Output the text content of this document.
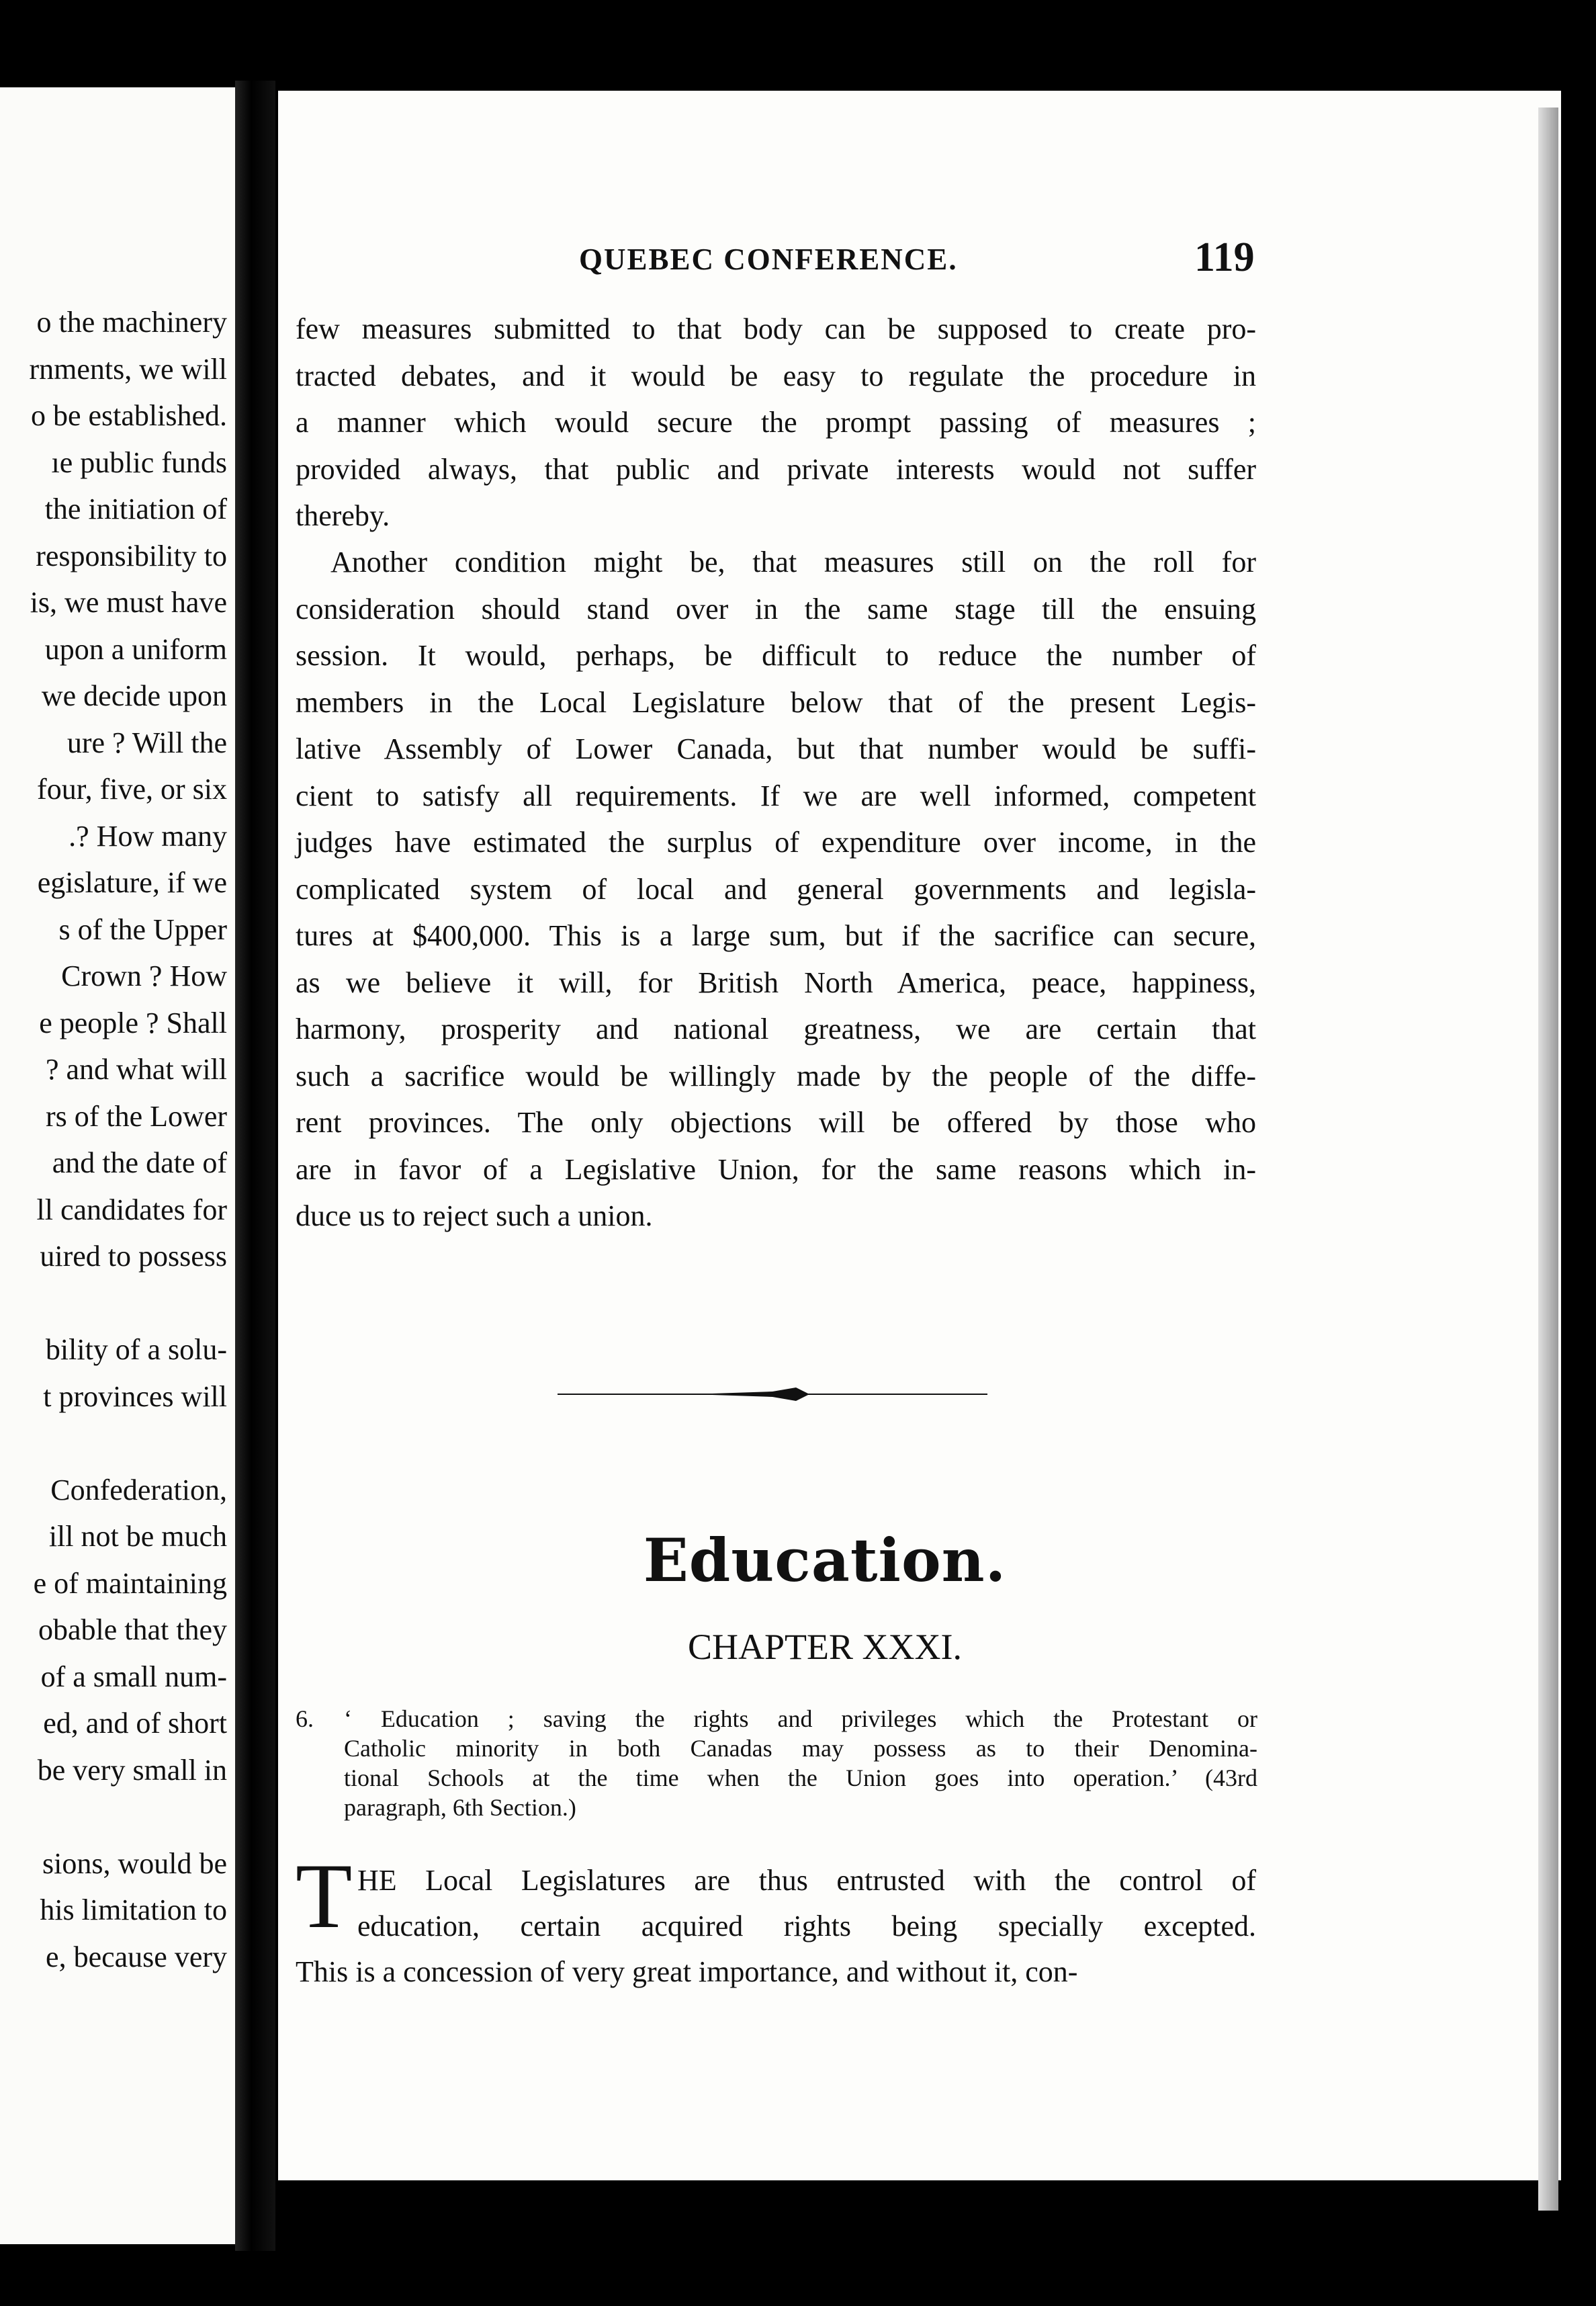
o the machinery
rnments, we will
o be established.
ıe public funds
the initiation of
responsibility to
is, we must have
upon a uniform
we decide upon
ure ? Will the
four, five, or six
.? How many
egislature, if we
s of the Upper
Crown ? How
e people ? Shall
? and what will
rs of the Lower
and the date of
ll candidates for
uired to possess
bility of a solu-
t provinces will
Confederation,
ill not be much
e of maintaining
obable that they
of a small num-
ed, and of short
be very small in
sions, would be
his limitation to
e, because very
QUEBEC CONFERENCE.	119
few measures submitted to that body can be supposed to create pro-
tracted debates, and it would be easy to regulate the procedure in
a manner which would secure the prompt passing of measures ;
provided always, that public and private interests would not suffer
thereby.
Another condition might be, that measures still on the roll for
consideration should stand over in the same stage till the ensuing
session. It would, perhaps, be difficult to reduce the number of
members in the Local Legislature below that of the present Legis-
lative Assembly of Lower Canada, but that number would be suffi-
cient to satisfy all requirements. If we are well informed, competent
judges have estimated the surplus of expenditure over income, in the
complicated system of local and general governments and legisla-
tures at $400,000. This is a large sum, but if the sacrifice can secure,
as we believe it will, for British North America, peace, happiness,
harmony, prosperity and national greatness, we are certain that
such a sacrifice would be willingly made by the people of the diffe-
rent provinces. The only objections will be offered by those who
are in favor of a Legislative Union, for the same reasons which in-
duce us to reject such a union.
Education.
CHAPTER XXXI.
6. ‘ Education ; saving the rights and privileges which the Protestant or
Catholic minority in both Canadas may possess as to their Denomina-
tional Schools at the time when the Union goes into operation.’ (43rd
paragraph, 6th Section.)
T HE Local Legislatures are thus entrusted with the control of
education, certain acquired rights being specially excepted.
This is a concession of very great importance, and without it, con-
